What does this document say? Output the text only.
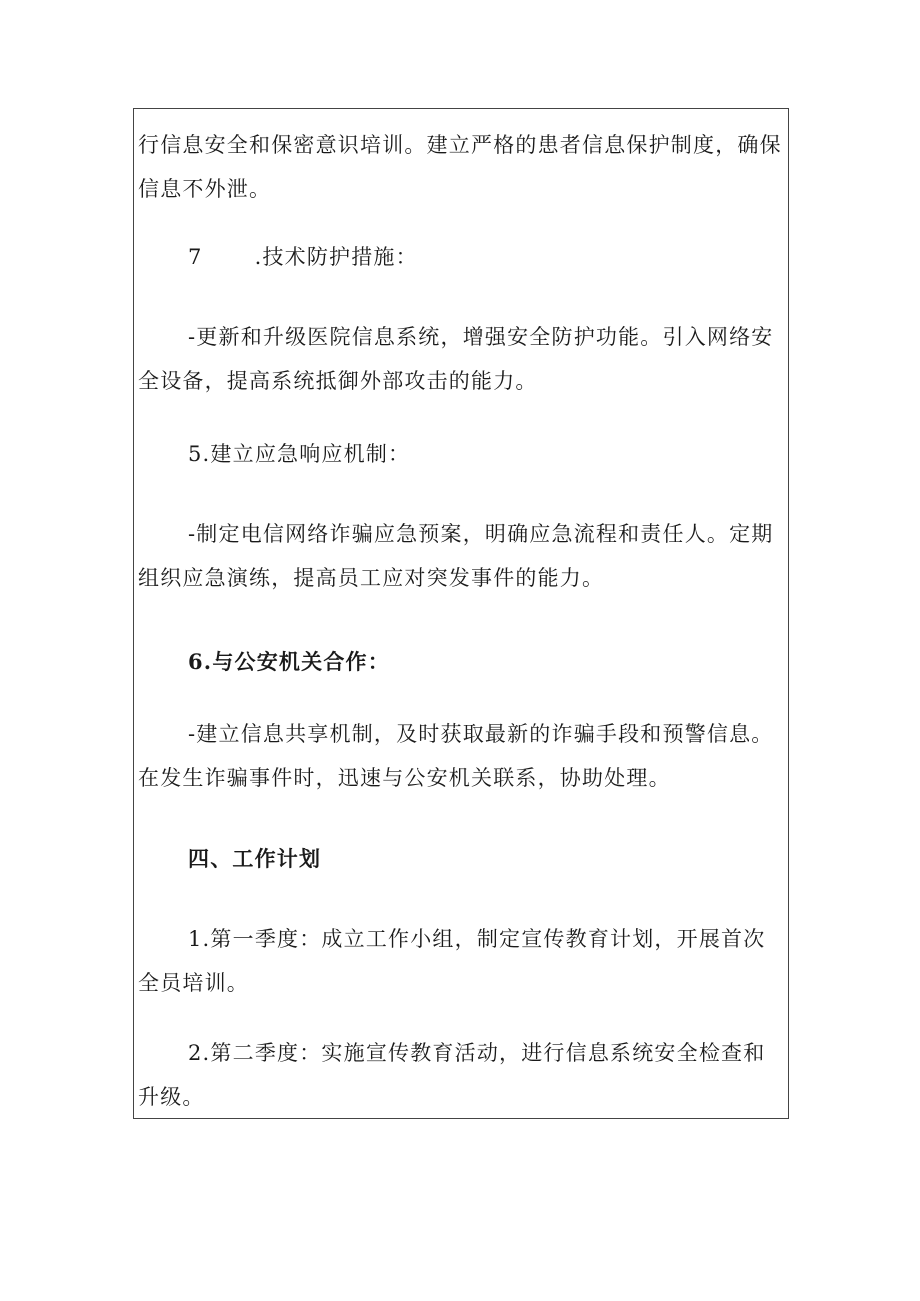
行信息安全和保密意识培训。建立严格的患者信息保护制度，确保信息不外泄。

7 .技术防护措施：

-更新和升级医院信息系统，增强安全防护功能。引入网络安全设备，提高系统抵御外部攻击的能力。

5.建立应急响应机制：

-制定电信网络诈骗应急预案，明确应急流程和责任人。定期组织应急演练，提高员工应对突发事件的能力。

6.与公安机关合作：

-建立信息共享机制，及时获取最新的诈骗手段和预警信息。在发生诈骗事件时，迅速与公安机关联系，协助处理。

四、工作计划

1.第一季度：成立工作小组，制定宣传教育计划，开展首次全员培训。

2.第二季度：实施宣传教育活动，进行信息系统安全检查和升级。
